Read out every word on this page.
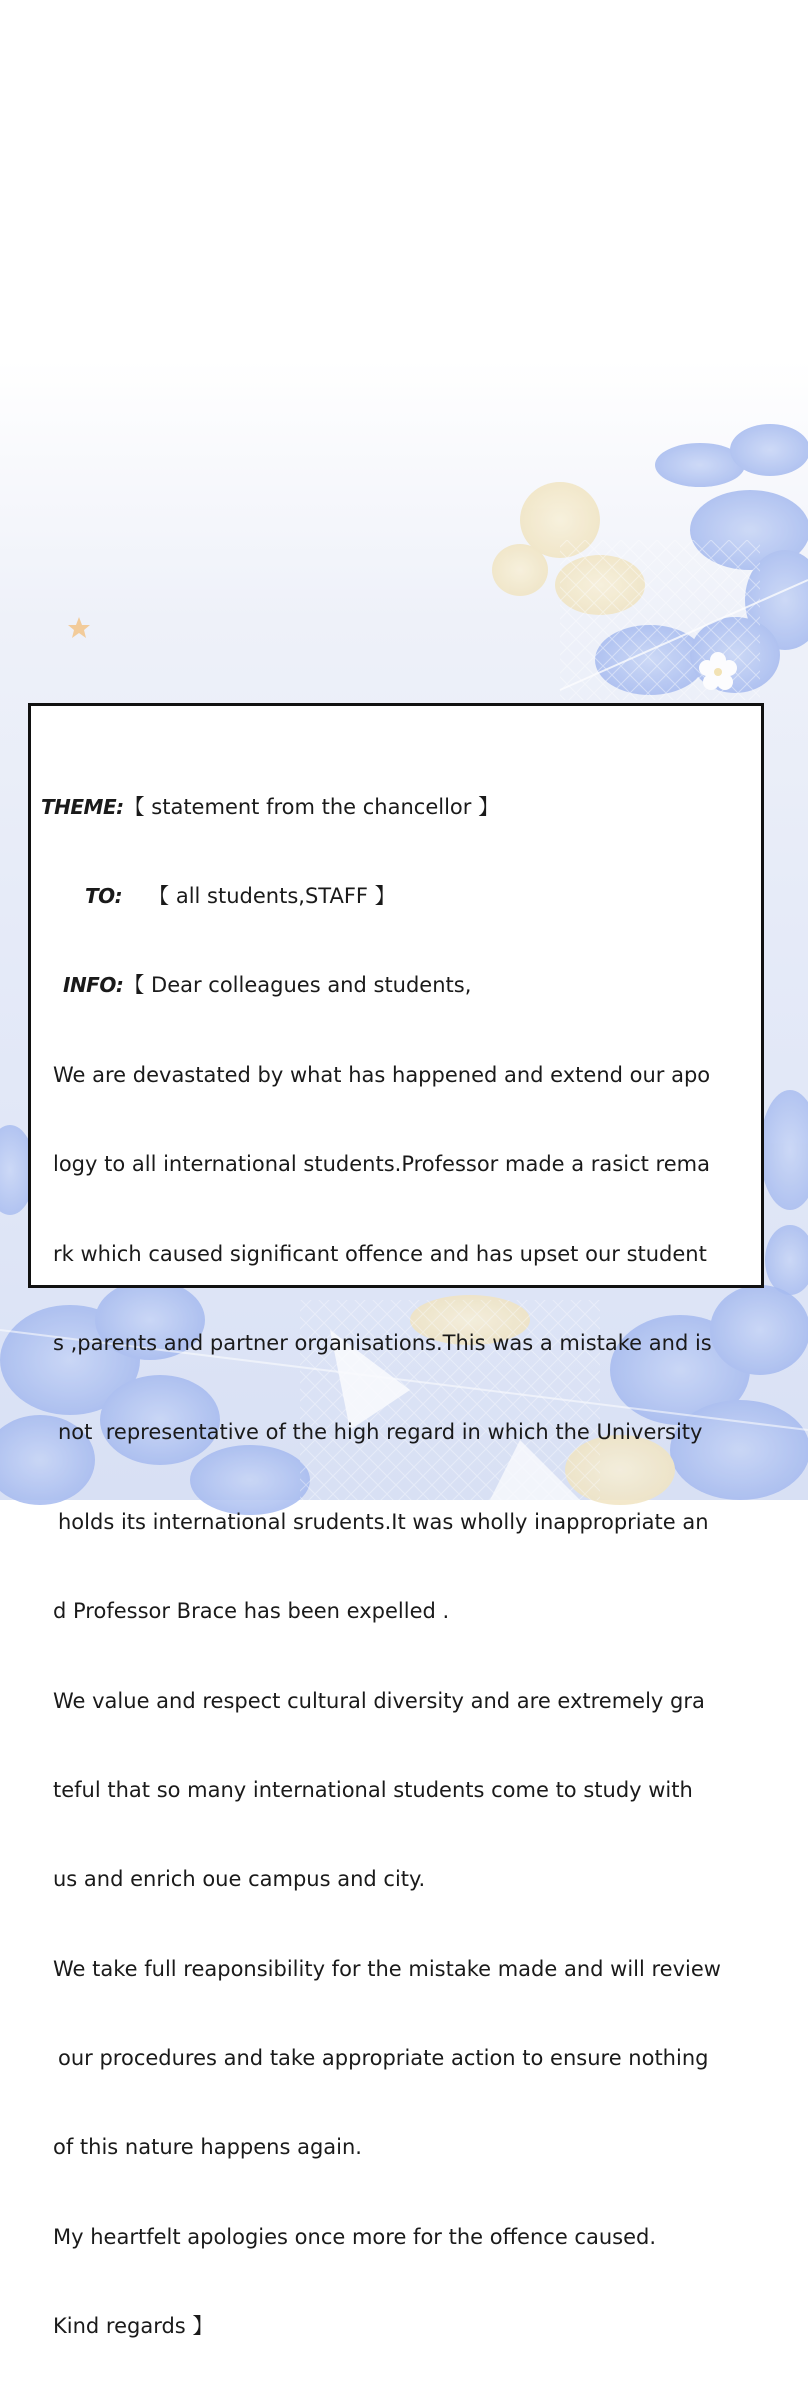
THEME:【 statement from the chancellor 】

TO: 【 all students,STAFF 】

INFO:【 Dear colleagues and students,

We are devastated by what has happened and extend our apo

logy to all international students.Professor made a rasict rema

rk which caused significant offence and has upset our student

s ,parents and partner organisations.This was a mistake and is

not  representative of the high regard in which the University

holds its international srudents.It was wholly inappropriate an

d Professor Brace has been expelled .

We value and respect cultural diversity and are extremely gra

teful that so many international students come to study with

us and enrich oue campus and city.

We take full reaponsibility for the mistake made and will review

our procedures and take appropriate action to ensure nothing

of this nature happens again.

My heartfelt apologies once more for the offence caused.

Kind regards 】
